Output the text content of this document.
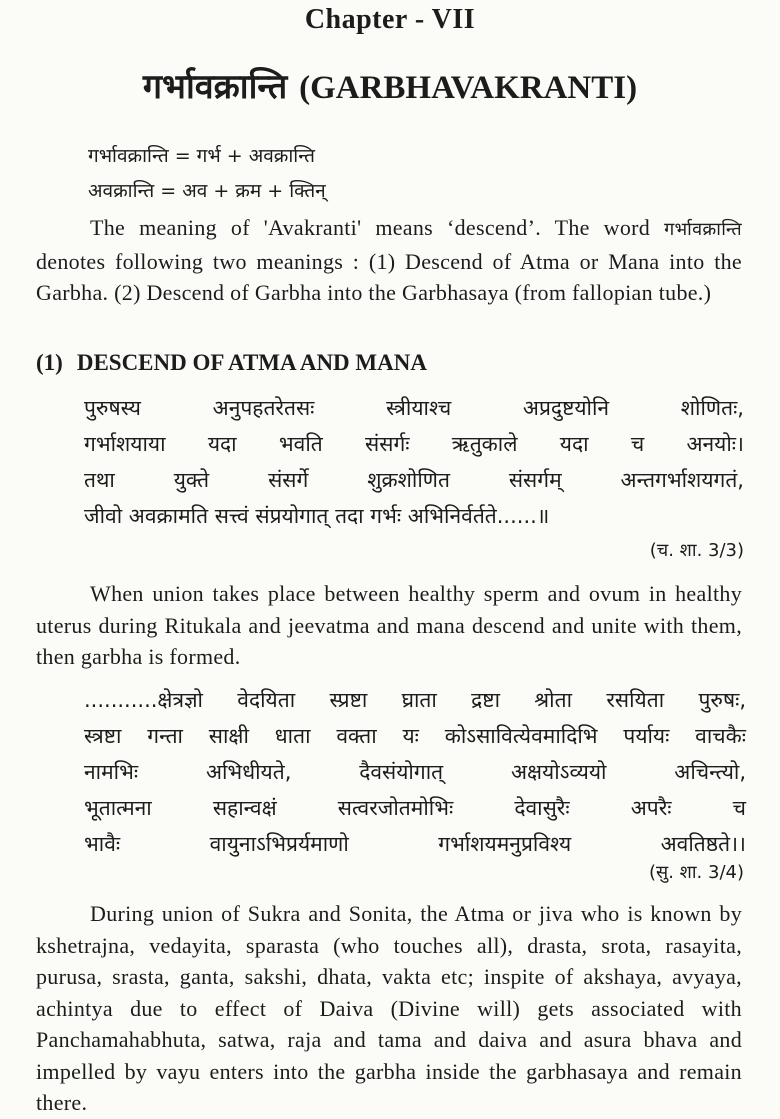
Chapter - VII
गर्भावक्रान्ति (GARBHAVAKRANTI)
गर्भावक्रान्ति = गर्भ + अवक्रान्ति
अवक्रान्ति = अव + क्रम + क्तिन्

The meaning of 'Avakranti' means ‘descend’. The word गर्भावक्रान्ति denotes following two meanings : (1) Descend of Atma or Mana into the Garbha. (2) Descend of Garbha into the Garbhasaya (from fallopian tube.)

(1) DESCEND OF ATMA AND MANA
पुरुषस्य अनुपहतरेतसः स्त्रीयाश्च अप्रदुष्टयोनि शोणितः,
गर्भाशयाया यदा भवति संसर्गः ऋतुकाले यदा च अनयोः।
तथा युक्ते संसर्गे शुक्रशोणित संसर्गम् अन्तगर्भाशयगतं,
जीवो अवक्रामति सत्त्वं संप्रयोगात् तदा गर्भः अभिनिर्वर्तते......॥
(च. शा. 3/3)

When union takes place between healthy sperm and ovum in healthy uterus during Ritukala and jeevatma and mana descend and unite with them, then garbha is formed.

...........क्षेत्रज्ञो वेदयिता स्प्रष्टा घ्राता द्रष्टा श्रोता रसयिता पुरुषः,
स्त्रष्टा गन्ता साक्षी धाता वक्ता यः कोऽसावित्येवमादिभि पर्यायः वाचकैः
नामभिः अभिधीयते, दैवसंयोगात् अक्षयोऽव्ययो अचिन्त्यो,
भूतात्मना सहान्वक्षं सत्वरजोतमोभिः देवासुरैः अपरैः च
भावैः वायुनाऽभिप्रर्यमाणो गर्भाशयमनुप्रविश्य अवतिष्ठते।।
(सु. शा. 3/4)

During union of Sukra and Sonita, the Atma or jiva who is known by kshetrajna, vedayita, sparasta (who touches all), drasta, srota, rasayita, purusa, srasta, ganta, sakshi, dhata, vakta etc; inspite of akshaya, avyaya, achintya due to effect of Daiva (Divine will) gets associated with Panchamahabhuta, satwa, raja and tama and daiva and asura bhava and impelled by vayu enters into the garbha inside the garbhasaya and remain there.
